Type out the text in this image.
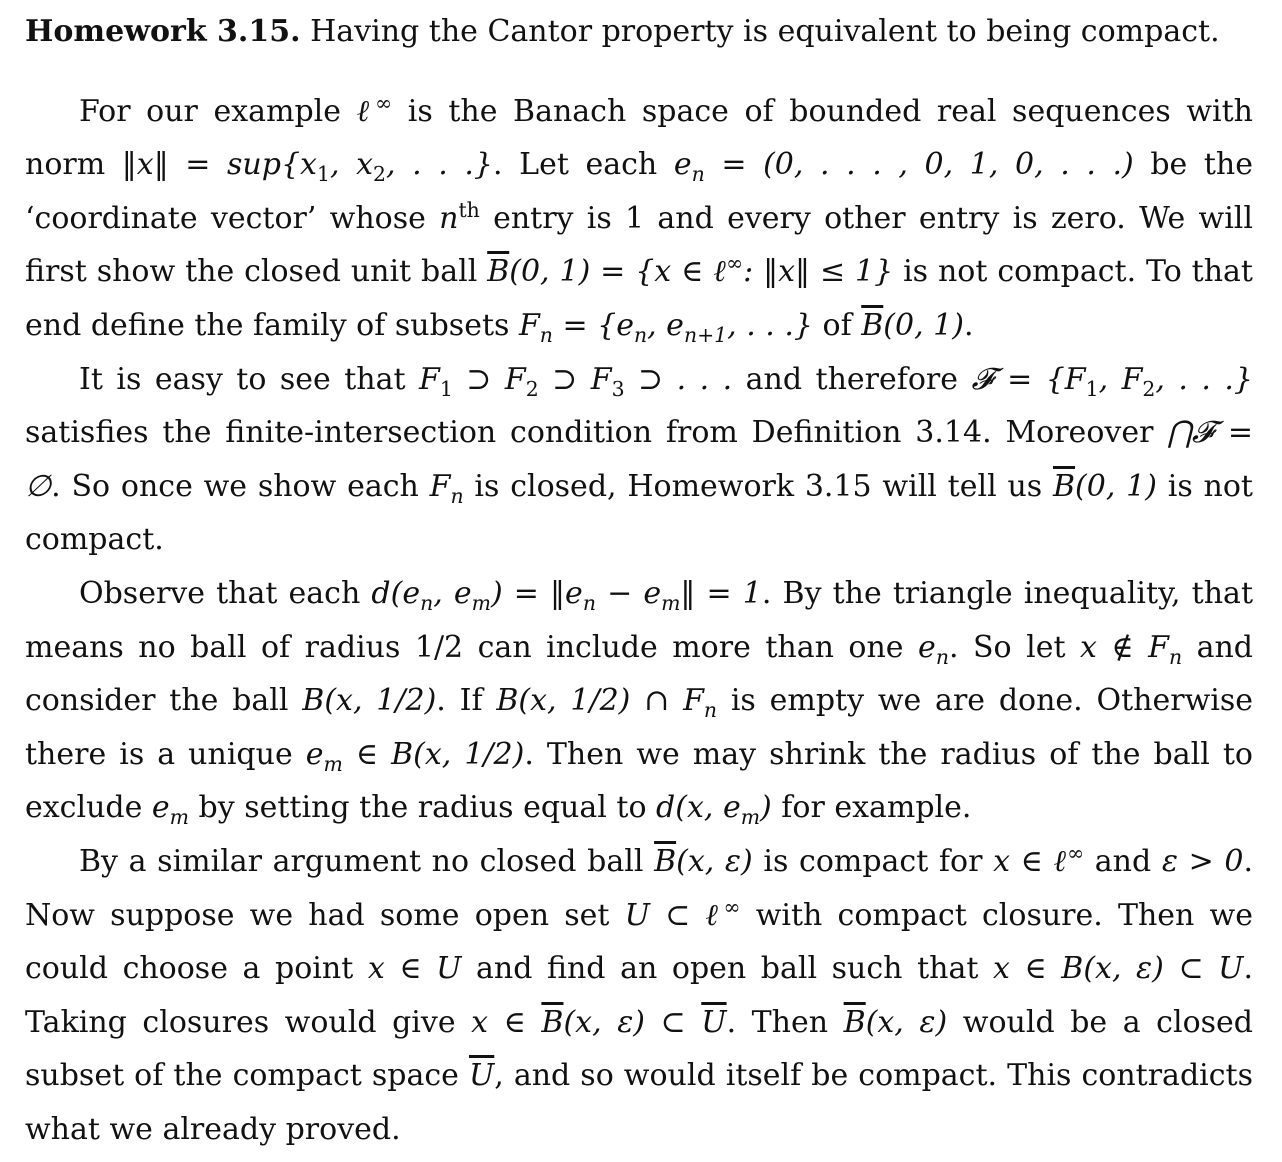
Homework 3.15. Having the Cantor property is equivalent to being compact.

For our example ℓ∞ is the Banach space of bounded real sequences with norm ‖x‖ = $sup\{x_1$, $x_2$, . . .}. Let each $e_n = (0$, . . . , 0, 1, 0, . . .) be the ‘coordinate vector’ whose $n^{th}$ entry is 1 and every other entry is zero. We will first show the closed unit ball $\overline{B}(0$, 1) = {x ∈ ℓ∞: ‖x‖ ≤ 1} is not compact. To that end define the family of subsets $F_n = \{e_n$, $e_{n+1}$, . . .} of $\overline{B}(0$, 1).

It is easy to see that $F_1$ ⊃ $F_2$ ⊃ $F_3$ ⊃ . . . and therefore 𝓕 = {$F_1$, $F_2$, . . .} satisfies the finite-intersection condition from Definition 3.14. Moreover ⋂𝓕 = ∅. So once we show each $F_n$ is closed, Homework 3.15 will tell us $\overline{B}(0$, 1) is not compact.

Observe that each $d(e_n$, $e_m$) = $‖e_n$ − $e_m‖ = 1$. By the triangle inequality, that means no ball of radius 1/2 can include more than one $e_n$. So let x ∉ $F_n$ and consider the ball B(x, 1/2). If B(x, 1/2) ∩ $F_n$ is empty we are done. Otherwise there is a unique $e_m$ ∈ B(x, 1/2). Then we may shrink the radius of the ball to exclude $e_m$ by setting the radius equal to d(x, $e_m$) for example.

By a similar argument no closed ball $\overline{B}(x$, ε) is compact for x ∈ ℓ∞ and ε > 0. Now suppose we had some open set U ⊂ ℓ∞ with compact closure. Then we could choose a point x ∈ U and find an open ball such that x ∈ B(x, ε) ⊂ U. Taking closures would give x ∈ $\overline{B}(x$, ε) ⊂ $\overline{U}$. Then $\overline{B}(x$, ε) would be a closed subset of the compact space $\overline{U}$, and so would itself be compact. This contradicts what we already proved.
